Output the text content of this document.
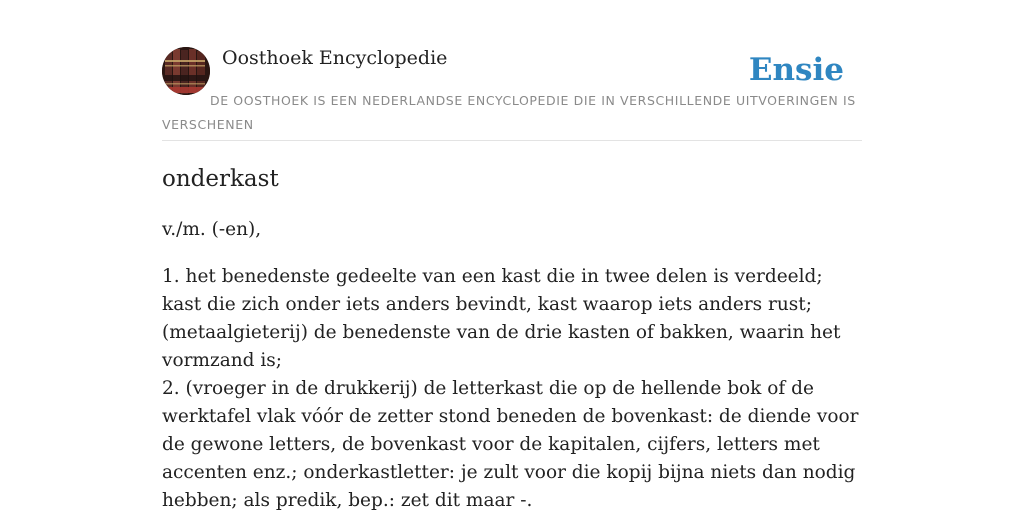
Oosthoek Encyclopedie	Ensie
DE OOSTHOEK IS EEN NEDERLANDSE ENCYCLOPEDIE DIE IN VERSCHILLENDE UITVOERINGEN IS VERSCHENEN
onderkast
v./m. (-en),

1. het benedenste gedeelte van een kast die in twee delen is verdeeld; kast die zich onder iets anders bevindt, kast waarop iets anders rust; (metaalgieterij) de benedenste van de drie kasten of bakken, waarin het vormzand is;

2. (vroeger in de drukkerij) de letterkast die op de hellende bok of de werktafel vlak vóór de zetter stond beneden de bovenkast: de diende voor de gewone letters, de bovenkast voor de kapitalen, cijfers, letters met accenten enz.; onderkastletter: je zult voor die kopij bijna niets dan nodig hebben; als predik, bep.: zet dit maar -.
